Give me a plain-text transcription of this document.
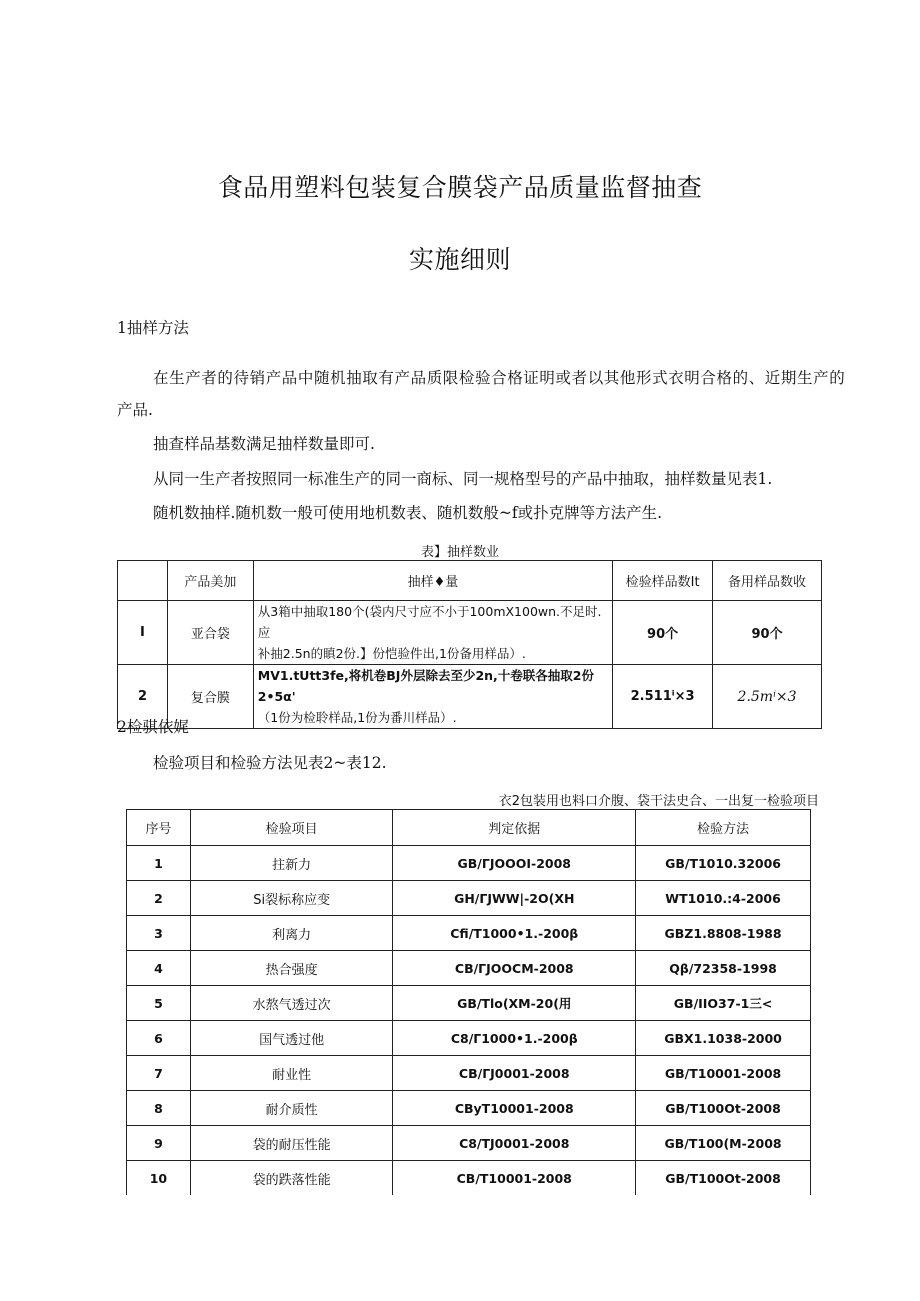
食品用塑料包装复合膜袋产品质量监督抽查
实施细则
1抽样方法
在生产者的待销产品中随机抽取有产品质限检验合格证明或者以其他形式衣明合格的、近期生产的
产品.
抽查样品基数满足抽样数量即可.
从同一生产者按照同一标准生产的同一商标、同一规格型号的产品中抽取，抽样数量见表1.
随机数抽样.随机数一般可使用地机数表、随机数般~f或扑克牌等方法产生.
表】抽样数业
	产品美加	抽样♦量	检验样品数It	备用样品数收
I	亚合袋	从3箱中抽取180个(袋内尺寸应不小于100mX100wn.不足时.应
补抽2.5n的瞋2份.】份恺验件出,1份备用样品）.	90个	90个
2	复合膜	MV1.tUtt3fe,将机卷BJ外层除去至少2n,十卷联各抽取2份2•5α'
（1份为检聆样品,1份为番川样品）.	2.511ⁱ×3	2.5mⁱ×3
2检骐依娓
检验项目和检验方法见表2~表12.
衣2包装用也料口介腹、袋干法史合、一出复一检验项目
序号	检验项目	判定依据	检验方法
1	拄新力	GB/ΓJOOOI-2008	GB/T1010.32006
2	Si裂标称应变	GH/ΓJWW|-2O(XH	WT1010.:4-2006
3	利离力	Cfi/T1000•1.-200β	GBZ1.8808-1988
4	热合强度	CB/ΓJOOCM-2008	Qβ/72358-1998
5	水熬气透过次	GB/Tlo(XM-20(用	GB/IIO37-1三<
6	国气透过他	C8/Γ1000•1.-200β	GBX1.1038-2000
7	耐业性	CB/ΓJ0001-2008	GB/T10001-2008
8	耐介质性	CByT10001-2008	GB/T100Ot-2008
9	袋的耐压性能	C8/TJ0001-2008	GB/T100(M-2008
10	袋的跌落性能	CB/T10001-2008	GB/T100Ot-2008
